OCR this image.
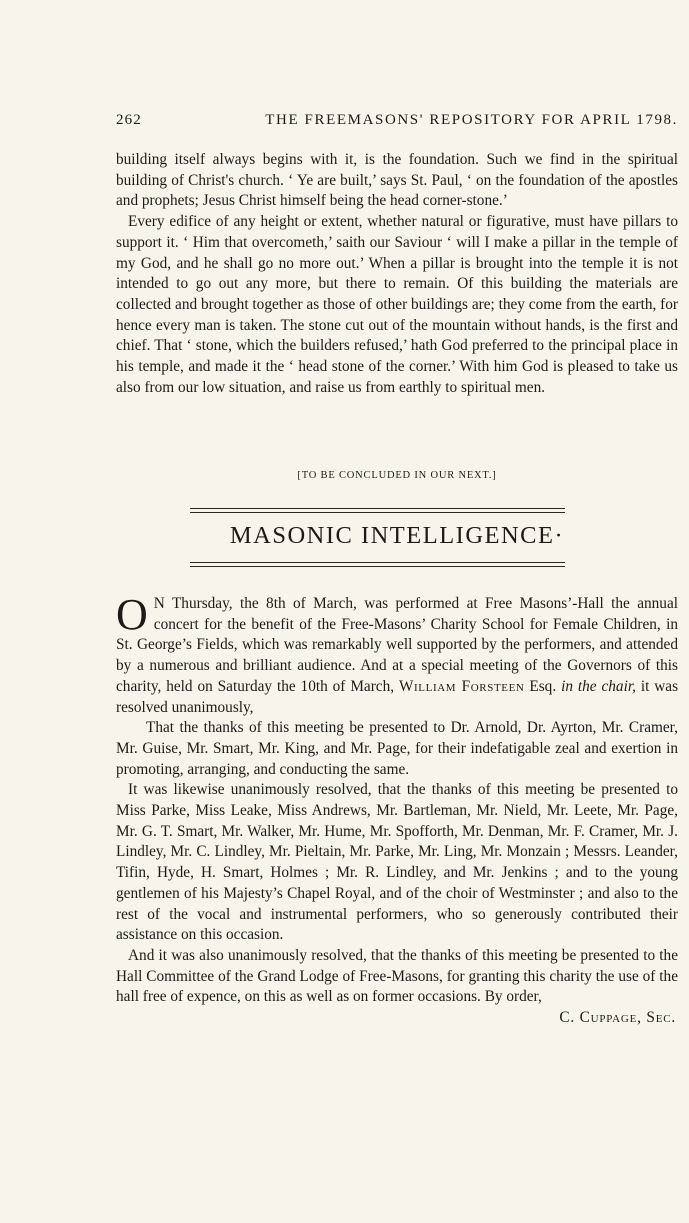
262	THE FREEMASONS' REPOSITORY FOR APRIL 1798.

building itself always begins with it, is the foundation. Such we find in the spiritual building of Christ's church. ‘ Ye are built,’ says St. Paul, ‘ on the foundation of the apostles and prophets; Jesus Christ himself being the head corner-stone.’

Every edifice of any height or extent, whether natural or figurative, must have pillars to support it. ‘ Him that overcometh,’ saith our Saviour ‘ will I make a pillar in the temple of my God, and he shall go no more out.’ When a pillar is brought into the temple it is not intended to go out any more, but there to remain. Of this building the materials are collected and brought together as those of other buildings are; they come from the earth, for hence every man is taken. The stone cut out of the mountain without hands, is the first and chief. That ‘ stone, which the builders refused,’ hath God preferred to the principal place in his temple, and made it the ‘ head stone of the corner.’ With him God is pleased to take us also from our low situation, and raise us from earthly to spiritual men.

[TO BE CONCLUDED IN OUR NEXT.]
MASONIC INTELLIGENCE·

O N Thursday, the 8th of March, was performed at Free Masons’-Hall the annual concert for the benefit of the Free-Masons’ Charity School for Female Children, in St. George’s Fields, which was remarkably well supported by the performers, and attended by a numerous and brilliant audience. And at a special meeting of the Governors of this charity, held on Saturday the 10th of March, William Forsteen Esq. in the chair, it was resolved unanimously,

That the thanks of this meeting be presented to Dr. Arnold, Dr. Ayrton, Mr. Cramer, Mr. Guise, Mr. Smart, Mr. King, and Mr. Page, for their indefatigable zeal and exertion in promoting, arranging, and conducting the same.

It was likewise unanimously resolved, that the thanks of this meeting be presented to Miss Parke, Miss Leake, Miss Andrews, Mr. Bartleman, Mr. Nield, Mr. Leete, Mr. Page, Mr. G. T. Smart, Mr. Walker, Mr. Hume, Mr. Spofforth, Mr. Denman, Mr. F. Cramer, Mr. J. Lindley, Mr. C. Lindley, Mr. Pieltain, Mr. Parke, Mr. Ling, Mr. Monzain ; Messrs. Leander, Tifin, Hyde, H. Smart, Holmes ; Mr. R. Lindley, and Mr. Jenkins ; and to the young gentlemen of his Majesty’s Chapel Royal, and of the choir of Westminster ; and also to the rest of the vocal and instrumental performers, who so generously contributed their assistance on this occasion.

And it was also unanimously resolved, that the thanks of this meeting be presented to the Hall Committee of the Grand Lodge of Free-Masons, for granting this charity the use of the hall free of expence, on this as well as on former occasions. By order,

C. Cuppage, Sec.
